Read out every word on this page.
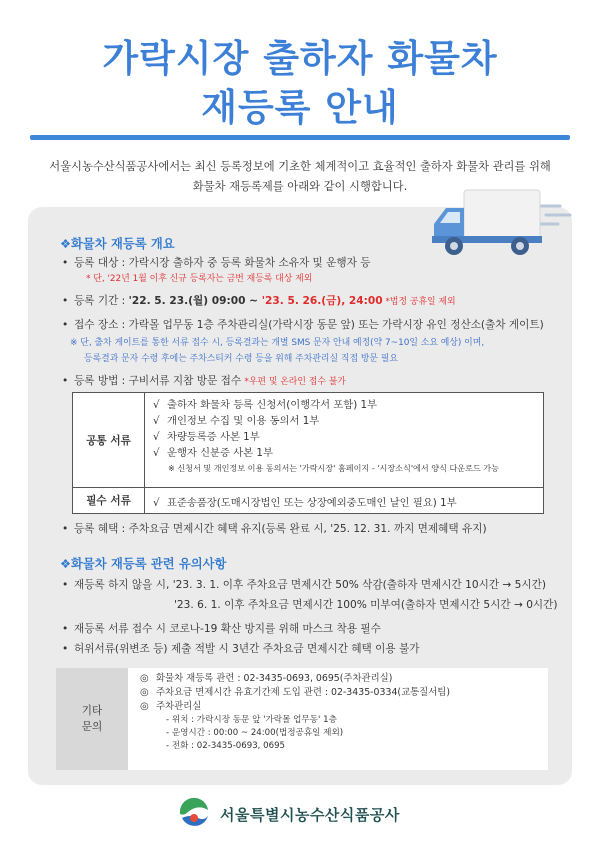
가락시장 출하자 화물차
재등록 안내
서울시농수산식품공사에서는 최신 등록정보에 기초한 체계적이고 효율적인 출하자 화물차 관리를 위해
화물차 재등록제를 아래와 같이 시행합니다.
❖화물차 재등록 개요
• 등록 대상 : 가락시장 출하자 중 등록 화물차 소유자 및 운행자 등
* 단, '22년 1월 이후 신규 등록자는 금번 재등록 대상 제외
• 등록 기간 : '22. 5. 23.(월) 09:00 ~ '23. 5. 26.(금), 24:00 *법정 공휴일 제외
• 접수 장소 : 가락몰 업무동 1층 주차관리실(가락시장 동문 앞) 또는 가락시장 유인 정산소(출차 게이트)
※ 단, 출차 게이트를 통한 서류 접수 시, 등록결과는 개별 SMS 문자 안내 예정(약 7~10일 소요 예상) 이며,
등록결과 문자 수령 후에는 주차스티커 수령 등을 위해 주차관리실 직접 방문 필요
• 등록 방법 : 구비서류 지참 방문 접수 *우편 및 온라인 접수 불가
공통 서류	√ 출하자 화물차 등록 신청서(이행각서 포함) 1부
√ 개인정보 수집 및 이용 동의서 1부
√ 차량등록증 사본 1부
√ 운행자 신분증 사본 1부
※ 신청서 및 개인정보 이용 동의서는 '가락시장' 홈페이지 - '시장소식'에서 양식 다운로드 가능

필수 서류	√ 표준송품장(도매시장법인 또는 상장예외중도매인 날인 필요) 1부
• 등록 혜택 : 주차요금 면제시간 혜택 유지(등록 완료 시, '25. 12. 31. 까지 면제혜택 유지)
❖화물차 재등록 관련 유의사항
• 재등록 하지 않을 시, '23. 3. 1. 이후 주차요금 면제시간 50% 삭감(출하자 면제시간 10시간 → 5시간)
'23. 6. 1. 이후 주차요금 면제시간 100% 미부여(출하자 면제시간 5시간 → 0시간)
• 재등록 서류 접수 시 코로나-19 확산 방지를 위해 마스크 착용 필수
• 허위서류(위변조 등) 제출 적발 시 3년간 주차요금 면제시간 혜택 이용 불가
기타
문의
◎ 화물차 재등록 관련 : 02-3435-0693, 0695(주차관리실)
◎ 주차요금 면제시간 유효기간제 도입 관련 : 02-3435-0334(교통질서팀)
◎ 주차관리실
- 위치 : 가락시장 동문 앞 '가락몰 업무동' 1층
- 운영시간 : 00:00 ~ 24:00(법정공휴일 제외)
- 전화 : 02-3435-0693, 0695
서울특별시농수산식품공사
